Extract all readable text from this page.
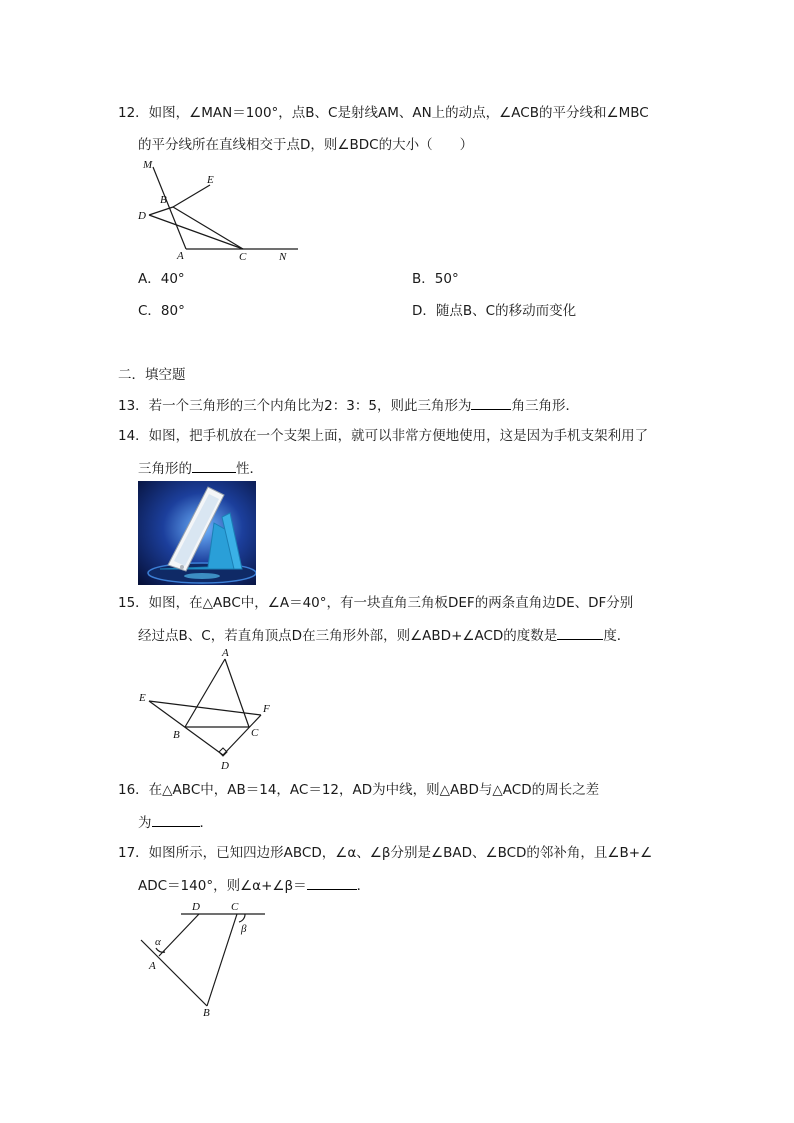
12．如图，∠MAN＝100°，点B、C是射线AM、AN上的动点，∠ACB的平分线和∠MBC
的平分线所在直线相交于点D，则∠BDC的大小（　　）
M
E
B
D
A	C	N
A．40°	B．50°
C．80°	D．随点B、C的移动而变化
二．填空题
13．若一个三角形的三个内角比为2：3：5，则此三角形为	角三角形．
14．如图，把手机放在一个支架上面，就可以非常方便地使用，这是因为手机支架利用了
三角形的	性．
15．如图，在△ABC中，∠A＝40°，有一块直角三角板DEF的两条直角边DE、DF分别
经过点B、C，若直角顶点D在三角形外部，则∠ABD+∠ACD的度数是	度．
A
E
F
B	C
D
16．在△ABC中，AB＝14，AC＝12，AD为中线，则△ABD与△ACD的周长之差
为	．
17．如图所示，已知四边形ABCD，∠α、∠β分别是∠BAD、∠BCD的邻补角，且∠B+∠
ADC＝140°，则∠α+∠β＝	．
D	C
α
β
A
B
